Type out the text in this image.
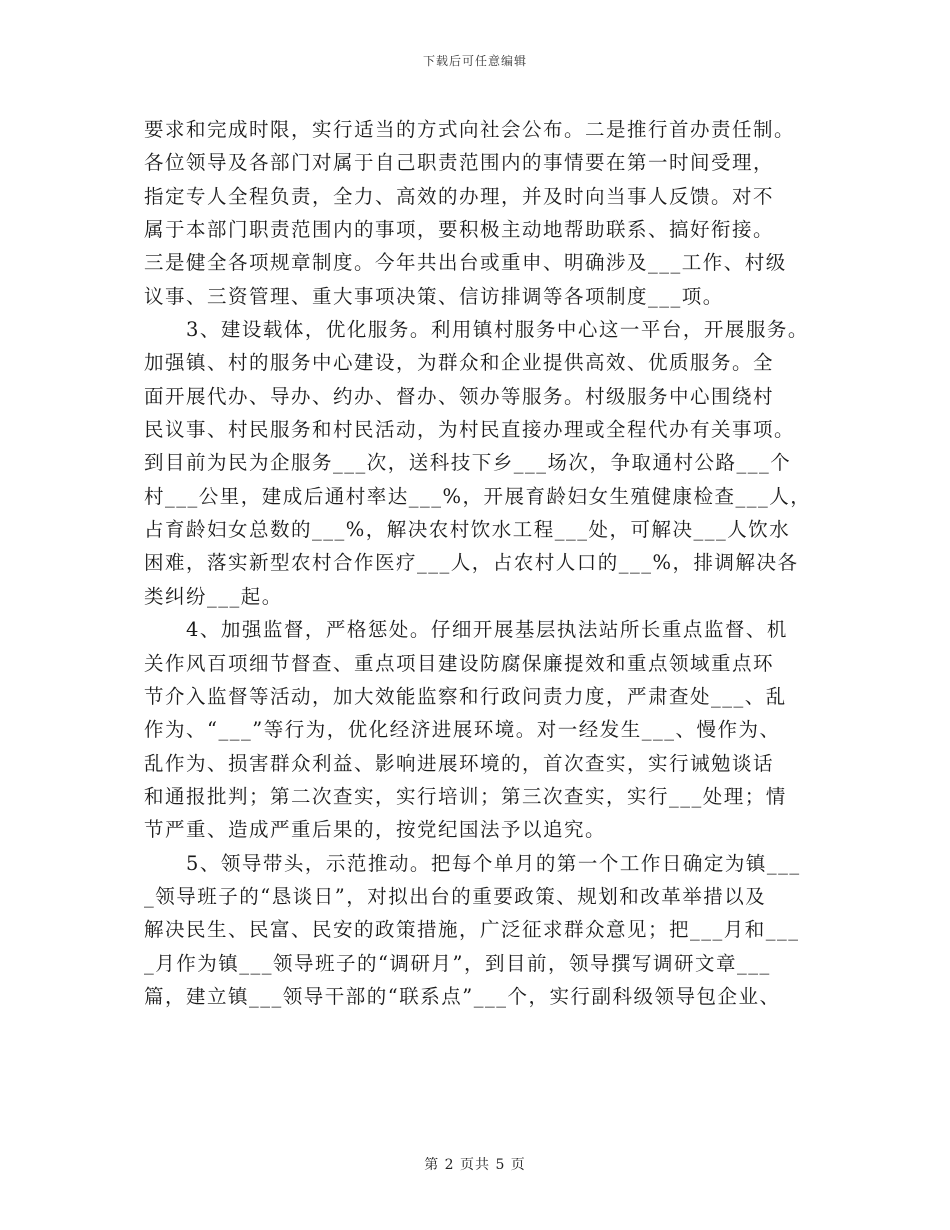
下载后可任意编辑
要求和完成时限，实行适当的方式向社会公布。二是推行首办责任制。
各位领导及各部门对属于自己职责范围内的事情要在第一时间受理，
指定专人全程负责，全力、高效的办理，并及时向当事人反馈。对不
属于本部门职责范围内的事项，要积极主动地帮助联系、搞好衔接。
三是健全各项规章制度。今年共出台或重申、明确涉及___工作、村级
议事、三资管理、重大事项决策、信访排调等各项制度___项。
　　3、建设载体，优化服务。利用镇村服务中心这一平台，开展服务。
加强镇、村的服务中心建设，为群众和企业提供高效、优质服务。全
面开展代办、导办、约办、督办、领办等服务。村级服务中心围绕村
民议事、村民服务和村民活动，为村民直接办理或全程代办有关事项。
到目前为民为企服务___次，送科技下乡___场次，争取通村公路___个
村___公里，建成后通村率达___%，开展育龄妇女生殖健康检查___人，
占育龄妇女总数的___%，解决农村饮水工程___处，可解决___人饮水
困难，落实新型农村合作医疗___人，占农村人口的___%，排调解决各
类纠纷___起。
　　4、加强监督，严格惩处。仔细开展基层执法站所长重点监督、机
关作风百项细节督查、重点项目建设防腐保廉提效和重点领域重点环
节介入监督等活动，加大效能监察和行政问责力度，严肃查处___、乱
作为、“___”等行为，优化经济进展环境。对一经发生___、慢作为、
乱作为、损害群众利益、影响进展环境的，首次查实，实行诫勉谈话
和通报批判；第二次查实，实行培训；第三次查实，实行___处理；情
节严重、造成严重后果的，按党纪国法予以追究。
　　5、领导带头，示范推动。把每个单月的第一个工作日确定为镇___
_领导班子的“恳谈日”，对拟出台的重要政策、规划和改革举措以及
解决民生、民富、民安的政策措施，广泛征求群众意见；把___月和___
_月作为镇___领导班子的“调研月”，到目前，领导撰写调研文章___
篇，建立镇___领导干部的“联系点”___个，实行副科级领导包企业、
第 2 页共 5 页
